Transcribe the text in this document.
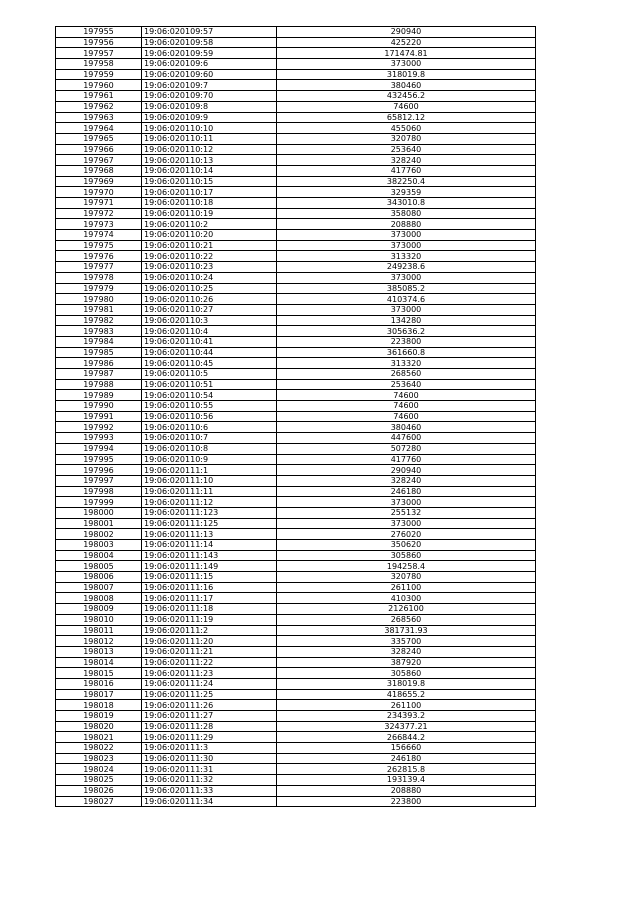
197955	19:06:020109:57	290940
197956	19:06:020109:58	425220
197957	19:06:020109:59	171474.81
197958	19:06:020109:6	373000
197959	19:06:020109:60	318019.8
197960	19:06:020109:7	380460
197961	19:06:020109:70	432456.2
197962	19:06:020109:8	74600
197963	19:06:020109:9	65812.12
197964	19:06:020110:10	455060
197965	19:06:020110:11	320780
197966	19:06:020110:12	253640
197967	19:06:020110:13	328240
197968	19:06:020110:14	417760
197969	19:06:020110:15	382250.4
197970	19:06:020110:17	329359
197971	19:06:020110:18	343010.8
197972	19:06:020110:19	358080
197973	19:06:020110:2	208880
197974	19:06:020110:20	373000
197975	19:06:020110:21	373000
197976	19:06:020110:22	313320
197977	19:06:020110:23	249238.6
197978	19:06:020110:24	373000
197979	19:06:020110:25	385085.2
197980	19:06:020110:26	410374.6
197981	19:06:020110:27	373000
197982	19:06:020110:3	134280
197983	19:06:020110:4	305636.2
197984	19:06:020110:41	223800
197985	19:06:020110:44	361660.8
197986	19:06:020110:45	313320
197987	19:06:020110:5	268560
197988	19:06:020110:51	253640
197989	19:06:020110:54	74600
197990	19:06:020110:55	74600
197991	19:06:020110:56	74600
197992	19:06:020110:6	380460
197993	19:06:020110:7	447600
197994	19:06:020110:8	507280
197995	19:06:020110:9	417760
197996	19:06:020111:1	290940
197997	19:06:020111:10	328240
197998	19:06:020111:11	246180
197999	19:06:020111:12	373000
198000	19:06:020111:123	255132
198001	19:06:020111:125	373000
198002	19:06:020111:13	276020
198003	19:06:020111:14	350620
198004	19:06:020111:143	305860
198005	19:06:020111:149	194258.4
198006	19:06:020111:15	320780
198007	19:06:020111:16	261100
198008	19:06:020111:17	410300
198009	19:06:020111:18	2126100
198010	19:06:020111:19	268560
198011	19:06:020111:2	381731.93
198012	19:06:020111:20	335700
198013	19:06:020111:21	328240
198014	19:06:020111:22	387920
198015	19:06:020111:23	305860
198016	19:06:020111:24	318019.8
198017	19:06:020111:25	418655.2
198018	19:06:020111:26	261100
198019	19:06:020111:27	234393.2
198020	19:06:020111:28	324377.21
198021	19:06:020111:29	266844.2
198022	19:06:020111:3	156660
198023	19:06:020111:30	246180
198024	19:06:020111:31	262815.8
198025	19:06:020111:32	193139.4
198026	19:06:020111:33	208880
198027	19:06:020111:34	223800
